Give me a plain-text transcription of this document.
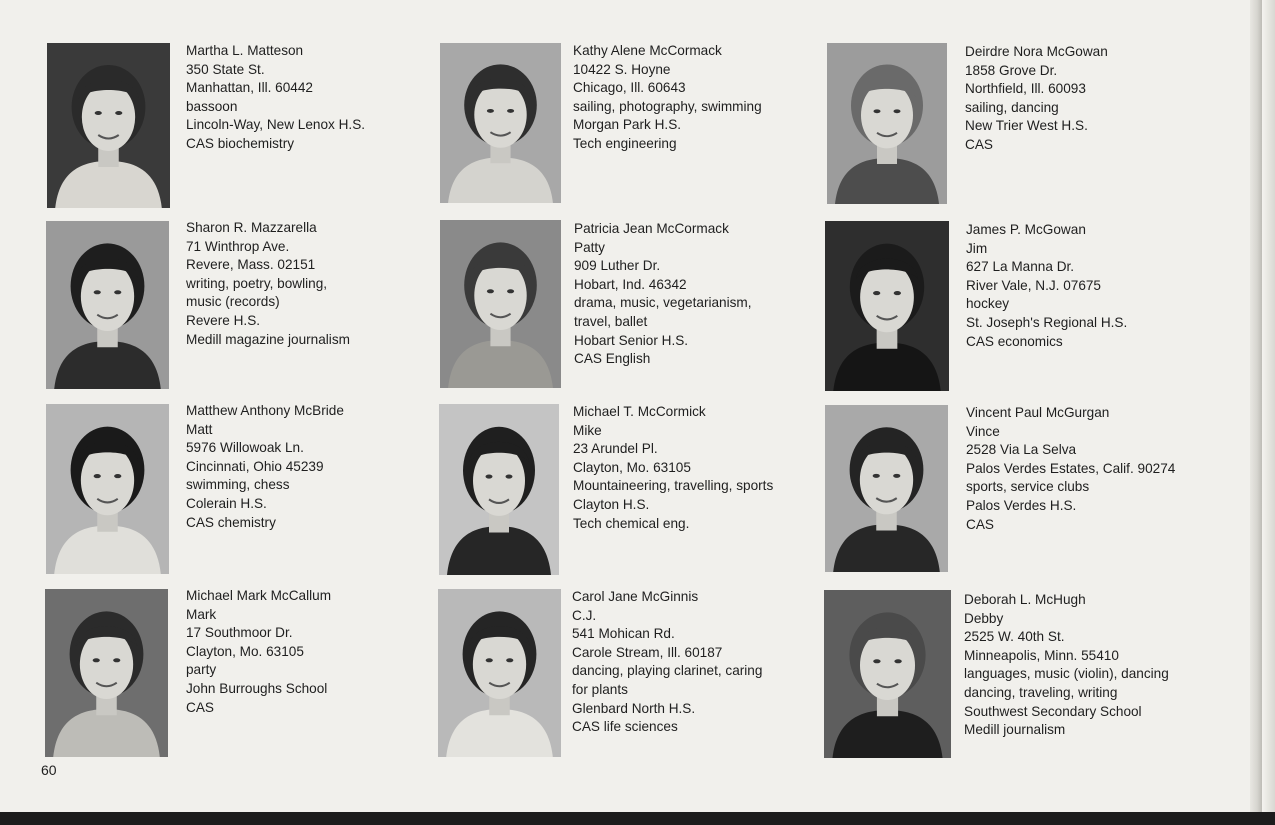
Martha L. Matteson
350 State St.
Manhattan, Ill. 60442
bassoon
Lincoln-Way, New Lenox H.S.
CAS biochemistry
Sharon R. Mazzarella
71 Winthrop Ave.
Revere, Mass. 02151
writing, poetry, bowling,
music (records)
Revere H.S.
Medill magazine journalism
Matthew Anthony McBride
Matt
5976 Willowoak Ln.
Cincinnati, Ohio 45239
swimming, chess
Colerain H.S.
CAS chemistry
Michael Mark McCallum
Mark
17 Southmoor Dr.
Clayton, Mo. 63105
party
John Burroughs School
CAS
Kathy Alene McCormack
10422 S. Hoyne
Chicago, Ill. 60643
sailing, photography, swimming
Morgan Park H.S.
Tech engineering
Patricia Jean McCormack
Patty
909 Luther Dr.
Hobart, Ind. 46342
drama, music, vegetarianism,
travel, ballet
Hobart Senior H.S.
CAS English
Michael T. McCormick
Mike
23 Arundel Pl.
Clayton, Mo. 63105
Mountaineering, travelling, sports
Clayton H.S.
Tech chemical eng.
Carol Jane McGinnis
C.J.
541 Mohican Rd.
Carole Stream, Ill. 60187
dancing, playing clarinet, caring
for plants
Glenbard North H.S.
CAS life sciences
Deirdre Nora McGowan
1858 Grove Dr.
Northfield, Ill. 60093
sailing, dancing
New Trier West H.S.
CAS
James P. McGowan
Jim
627 La Manna Dr.
River Vale, N.J. 07675
hockey
St. Joseph's Regional H.S.
CAS economics
Vincent Paul McGurgan
Vince
2528 Via La Selva
Palos Verdes Estates, Calif. 90274
sports, service clubs
Palos Verdes H.S.
CAS
Deborah L. McHugh
Debby
2525 W. 40th St.
Minneapolis, Minn. 55410
languages, music (violin), dancing
dancing, traveling, writing
Southwest Secondary School
Medill journalism
60
